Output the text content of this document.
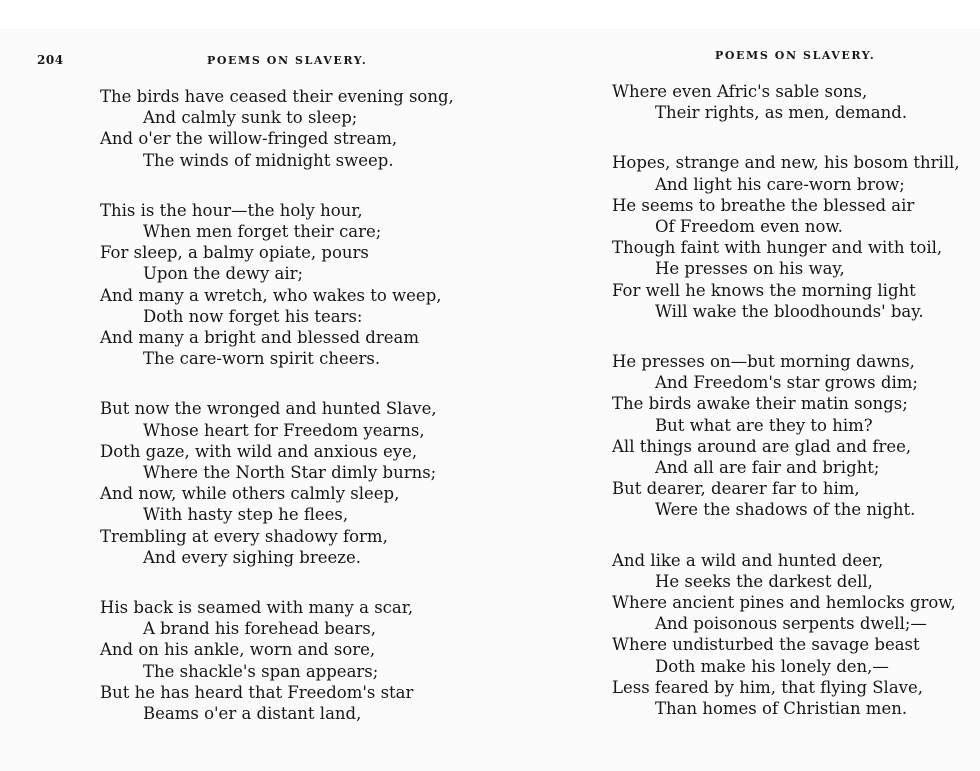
204	POEMS ON SLAVERY.
The birds have ceased their evening song,
And calmly sunk to sleep;
And o'er the willow-fringed stream,
The winds of midnight sweep.
This is the hour—the holy hour,
When men forget their care;
For sleep, a balmy opiate, pours
Upon the dewy air;
And many a wretch, who wakes to weep,
Doth now forget his tears:
And many a bright and blessed dream
The care-worn spirit cheers.
But now the wronged and hunted Slave,
Whose heart for Freedom yearns,
Doth gaze, with wild and anxious eye,
Where the North Star dimly burns;
And now, while others calmly sleep,
With hasty step he flees,
Trembling at every shadowy form,
And every sighing breeze.
His back is seamed with many a scar,
A brand his forehead bears,
And on his ankle, worn and sore,
The shackle's span appears;
But he has heard that Freedom's star
Beams o'er a distant land,
POEMS ON SLAVERY.
Where even Afric's sable sons,
Their rights, as men, demand.
Hopes, strange and new, his bosom thrill,
And light his care-worn brow;
He seems to breathe the blessed air
Of Freedom even now.
Though faint with hunger and with toil,
He presses on his way,
For well he knows the morning light
Will wake the bloodhounds' bay.
He presses on—but morning dawns,
And Freedom's star grows dim;
The birds awake their matin songs;
But what are they to him?
All things around are glad and free,
And all are fair and bright;
But dearer, dearer far to him,
Were the shadows of the night.
And like a wild and hunted deer,
He seeks the darkest dell,
Where ancient pines and hemlocks grow,
And poisonous serpents dwell;—
Where undisturbed the savage beast
Doth make his lonely den,—
Less feared by him, that flying Slave,
Than homes of Christian men.
